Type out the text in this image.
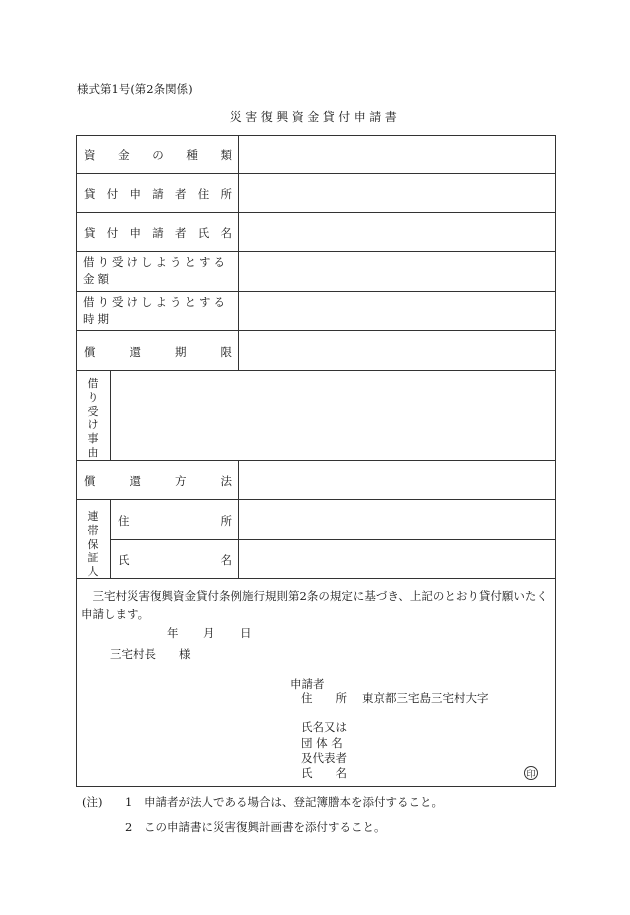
様式第1号(第2条関係)
災害復興資金貸付申請書
資 金 の 種 類
貸 付 申 請 者 住 所
貸 付 申 請 者 氏 名
借り受けしようとする金額
借り受けしようとする時期
償	還	期	限
借り受け事由
償	還	方	法
連帯保証人
住	所
氏	名
三宅村災害復興資金貸付条例施行規則第2条の規定に基づき、上記のとおり貸付願いたく申請します。
年 月 日
三宅村長　　様
申請者
住　　所 東京都三宅島三宅村大字
氏名又は
団 体 名
及代表者
氏　　名	印
(注) 1 申請者が法人である場合は、登記簿謄本を添付すること。
2 この申請書に災害復興計画書を添付すること。
